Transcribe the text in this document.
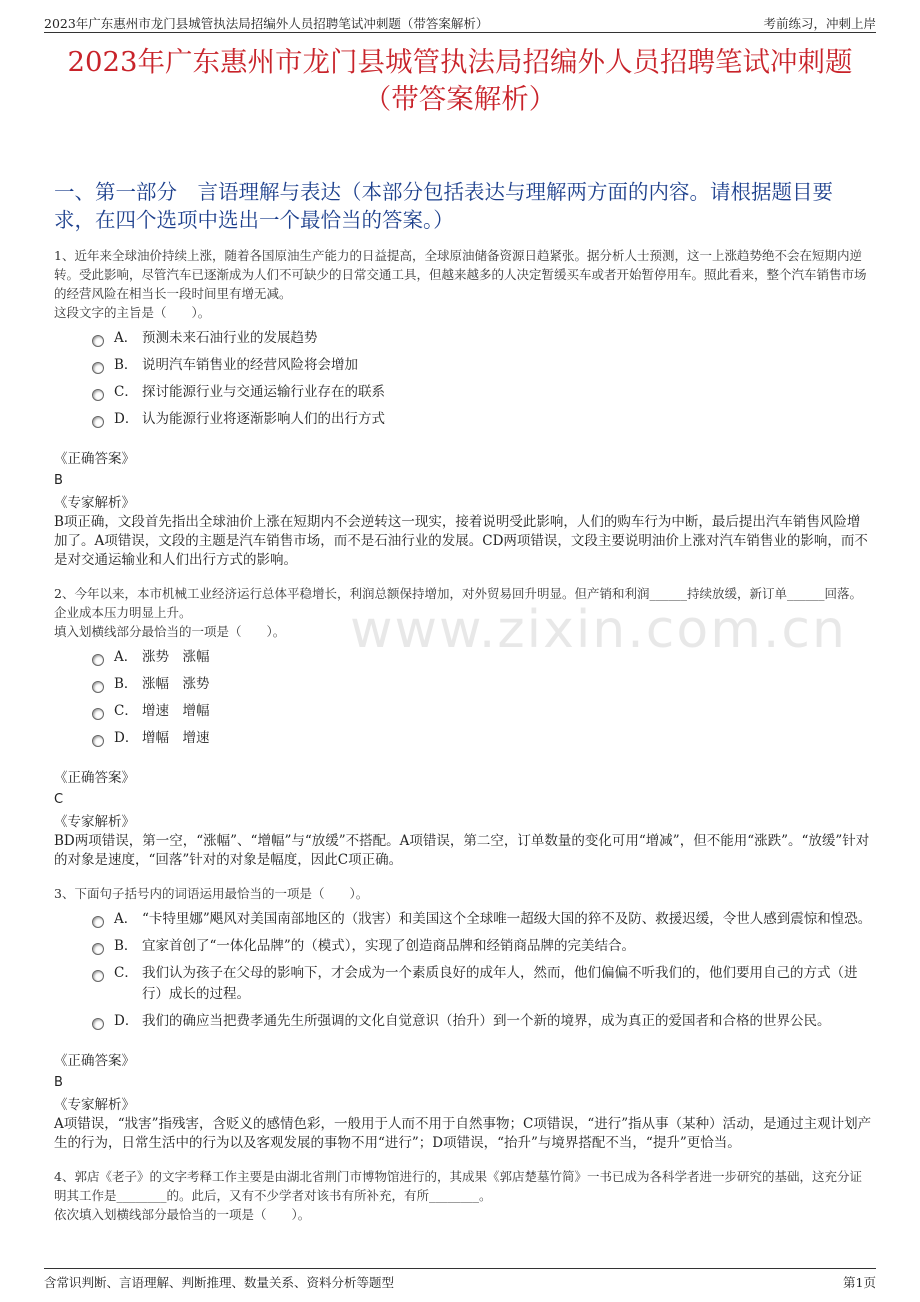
2023年广东惠州市龙门县城管执法局招编外人员招聘笔试冲刺题（带答案解析）	考前练习，冲刺上岸
2023年广东惠州市龙门县城管执法局招编外人员招聘笔试冲刺题（带答案解析）
一、第一部分　言语理解与表达（本部分包括表达与理解两方面的内容。请根据题目要求，在四个选项中选出一个最恰当的答案。）
www.zixin.com.cn

1、近年来全球油价持续上涨，随着各国原油生产能力的日益提高，全球原油储备资源日趋紧张。据分析人士预测，这一上涨趋势绝不会在短期内逆转。受此影响，尽管汽车已逐渐成为人们不可缺少的日常交通工具，但越来越多的人决定暂缓买车或者开始暂停用车。照此看来，整个汽车销售市场的经营风险在相当长一段时间里有增无减。

这段文字的主旨是（　　）。

A． 预测未来石油行业的发展趋势
B． 说明汽车销售业的经营风险将会增加
C． 探讨能源行业与交通运输行业存在的联系
D． 认为能源行业将逐渐影响人们的出行方式
《正确答案》
B
《专家解析》
B项正确，文段首先指出全球油价上涨在短期内不会逆转这一现实，接着说明受此影响，人们的购车行为中断，最后提出汽车销售风险增加了。A项错误，文段的主题是汽车销售市场，而不是石油行业的发展。CD两项错误，文段主要说明油价上涨对汽车销售业的影响，而不是对交通运输业和人们出行方式的影响。

2、今年以来，本市机械工业经济运行总体平稳增长，利润总额保持增加，对外贸易回升明显。但产销和利润______持续放缓，新订单______回落。企业成本压力明显上升。

填入划横线部分最恰当的一项是（　　）。

A． 涨势　涨幅
B． 涨幅　涨势
C． 增速　增幅
D． 增幅　增速
《正确答案》
C
《专家解析》
BD两项错误，第一空，“涨幅”、“增幅”与“放缓”不搭配。A项错误，第二空，订单数量的变化可用“增减”，但不能用“涨跌”。“放缓”针对的对象是速度，“回落”针对的对象是幅度，因此C项正确。

3、下面句子括号内的词语运用最恰当的一项是（　　）。

A． “卡特里娜”飓风对美国南部地区的（戕害）和美国这个全球唯一超级大国的猝不及防、救援迟缓，令世人感到震惊和惶恐。
B． 宜家首创了“一体化品牌”的（模式），实现了创造商品牌和经销商品牌的完美结合。
C． 我们认为孩子在父母的影响下，才会成为一个素质良好的成年人，然而，他们偏偏不听我们的，他们要用自己的方式（进行）成长的过程。
D． 我们的确应当把费孝通先生所强调的文化自觉意识（抬升）到一个新的境界，成为真正的爱国者和合格的世界公民。
《正确答案》
B
《专家解析》
A项错误，“戕害”指残害，含贬义的感情色彩，一般用于人而不用于自然事物；C项错误，“进行”指从事（某种）活动，是通过主观计划产生的行为，日常生活中的行为以及客观发展的事物不用“进行”；D项错误，“抬升”与境界搭配不当，“提升”更恰当。

4、郭店《老子》的文字考释工作主要是由湖北省荆门市博物馆进行的，其成果《郭店楚墓竹简》一书已成为各科学者进一步研究的基础，这充分证明其工作是________的。此后，又有不少学者对该书有所补充，有所________。

依次填入划横线部分最恰当的一项是（　　）。

含常识判断、言语理解、判断推理、数量关系、资料分析等题型	第1页
